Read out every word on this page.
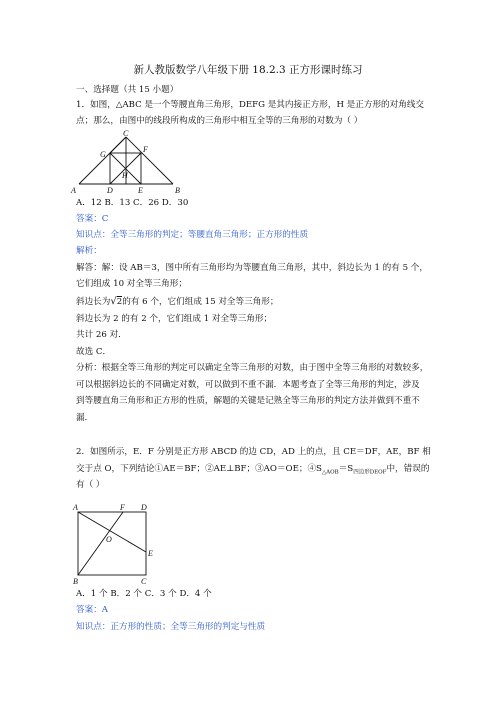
新人教版数学八年级下册 18.2.3 正方形课时练习
一、选择题（共 15 小题）
1．如图，△ABC 是一个等腰直角三角形，DEFG 是其内接正方形，H 是正方形的对角线交
点；那么，由图中的线段所构成的三角形中相互全等的三角形的对数为（ ）
A	B
C
D	E
F
G
H
A．12 B．13 C．26 D．30
答案：C
知识点：全等三角形的判定；等腰直角三角形；正方形的性质
解析：
解答：解：设 AB＝3，图中所有三角形均为等腰直角三角形，其中，斜边长为 1 的有 5 个，
它们组成 10 对全等三角形；
斜边长为√2的有 6 个，它们组成 15 对全等三角形；
斜边长为 2 的有 2 个，它们组成 1 对全等三角形；
共计 26 对．
故选 C．
分析：根据全等三角形的判定可以确定全等三角形的对数，由于图中全等三角形的对数较多，
可以根据斜边长的不同确定对数，可以做到不重不漏．本题考查了全等三角形的判定，涉及
到等腰直角三角形和正方形的性质，解题的关键是记熟全等三角形的判定方法并做到不重不
漏．
2．如图所示，E．F 分别是正方形 ABCD 的边 CD，AD 上的点，且 CE＝DF，AE，BF 相
交于点 O，下列结论①AE＝BF；②AE⊥BF；③AO＝OE；$④S_{\triangle AOB}=S_{四边形DEOF}$中，错误的
有（ ）
A	F D
O
E
B	C
A．1 个 B．2 个 C．3 个 D．4 个
答案：A
知识点：正方形的性质；全等三角形的判定与性质
